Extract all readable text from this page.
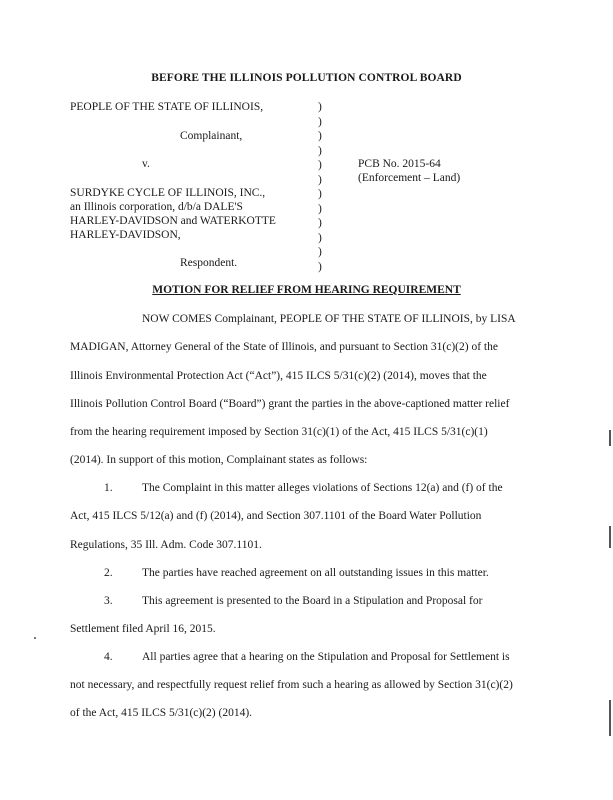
BEFORE THE ILLINOIS POLLUTION CONTROL BOARD
PEOPLE OF THE STATE OF ILLINOIS,
Complainant,
v.
SURDYKE CYCLE OF ILLINOIS, INC.,
an Illinois corporation, d/b/a DALE'S
HARLEY-DAVIDSON and WATERKOTTE
HARLEY-DAVIDSON,
Respondent.
)
)
)
)
)
)
)
)
)
)
)
)
PCB No. 2015-64
(Enforcement – Land)
MOTION FOR RELIEF FROM HEARING REQUIREMENT
NOW COMES Complainant, PEOPLE OF THE STATE OF ILLINOIS, by LISA
MADIGAN, Attorney General of the State of Illinois, and pursuant to Section 31(c)(2) of the
Illinois Environmental Protection Act (“Act”), 415 ILCS 5/31(c)(2) (2014), moves that the
Illinois Pollution Control Board (“Board”) grant the parties in the above-captioned matter relief
from the hearing requirement imposed by Section 31(c)(1) of the Act, 415 ILCS 5/31(c)(1)
(2014). In support of this motion, Complainant states as follows:
1.	The Complaint in this matter alleges violations of Sections 12(a) and (f) of the
Act, 415 ILCS 5/12(a) and (f) (2014), and Section 307.1101 of the Board Water Pollution
Regulations, 35 Ill. Adm. Code 307.1101.
2.	The parties have reached agreement on all outstanding issues in this matter.
3.	This agreement is presented to the Board in a Stipulation and Proposal for
Settlement filed April 16, 2015.
4.	All parties agree that a hearing on the Stipulation and Proposal for Settlement is
not necessary, and respectfully request relief from such a hearing as allowed by Section 31(c)(2)
of the Act, 415 ILCS 5/31(c)(2) (2014).
